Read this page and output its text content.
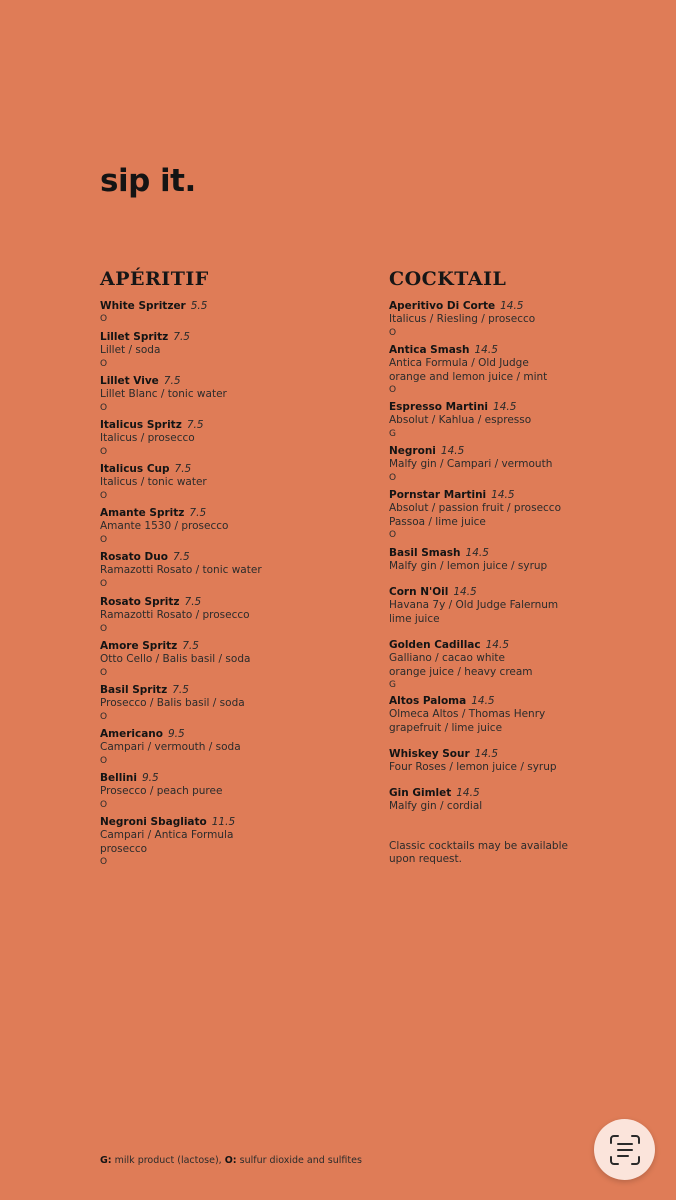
sip it.
APÉRITIF
White Spritzer 5.5
O
Lillet Spritz 7.5
Lillet / soda
O
Lillet Vive 7.5
Lillet Blanc / tonic water
O
Italicus Spritz 7.5
Italicus / prosecco
O
Italicus Cup 7.5
Italicus / tonic water
O
Amante Spritz 7.5
Amante 1530 / prosecco
O
Rosato Duo 7.5
Ramazotti Rosato / tonic water
O
Rosato Spritz 7.5
Ramazotti Rosato / prosecco
O
Amore Spritz 7.5
Otto Cello / Balis basil / soda
O
Basil Spritz 7.5
Prosecco / Balis basil / soda
O
Americano 9.5
Campari / vermouth / soda
O
Bellini 9.5
Prosecco / peach puree
O
Negroni Sbagliato 11.5
Campari / Antica Formula
prosecco
O
COCKTAIL
Aperitivo Di Corte 14.5
Italicus / Riesling / prosecco
O
Antica Smash 14.5
Antica Formula / Old Judge
orange and lemon juice / mint
O
Espresso Martini 14.5
Absolut / Kahlua / espresso
G
Negroni 14.5
Malfy gin / Campari / vermouth
O
Pornstar Martini 14.5
Absolut / passion fruit / prosecco
Passoa / lime juice
O
Basil Smash 14.5
Malfy gin / lemon juice / syrup
Corn N'Oil 14.5
Havana 7y / Old Judge Falernum
lime juice
Golden Cadillac 14.5
Galliano / cacao white
orange juice / heavy cream
G
Altos Paloma 14.5
Olmeca Altos / Thomas Henry
grapefruit / lime juice
Whiskey Sour 14.5
Four Roses / lemon juice / syrup
Gin Gimlet 14.5
Malfy gin / cordial
Classic cocktails may be available upon request.
G: milk product (lactose), O: sulfur dioxide and sulfites
